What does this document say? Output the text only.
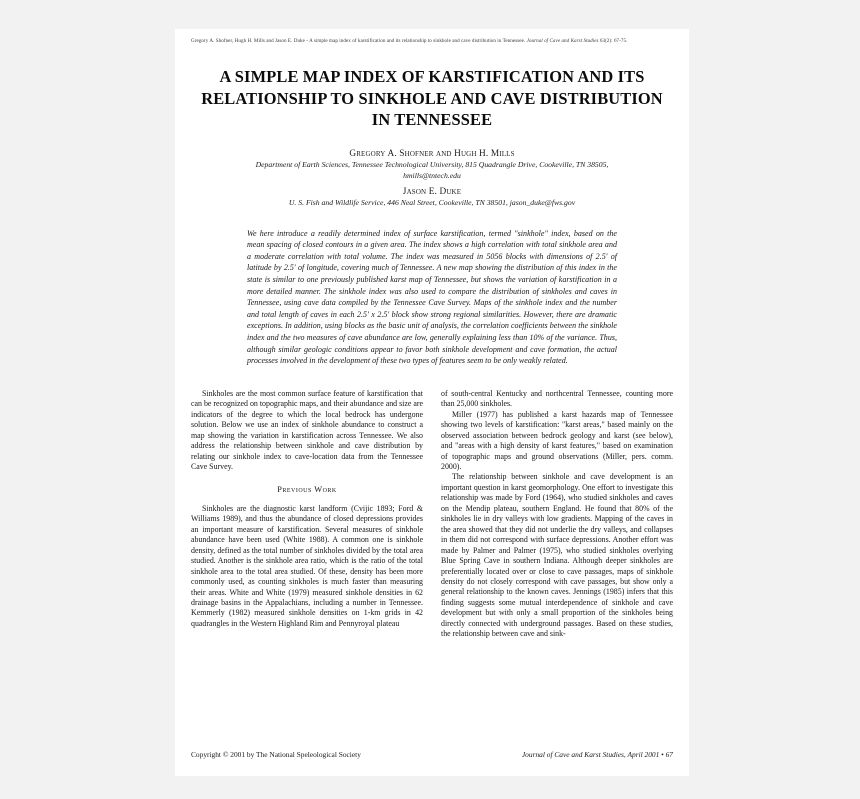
Gregory A. Shofner, Hugh H. Mills and Jason E. Duke - A simple map index of karstification and its relationship to sinkhole and cave distribution in Tennessee. Journal of Cave and Karst Studies 63(2): 67-75.
A SIMPLE MAP INDEX OF KARSTIFICATION AND ITS RELATIONSHIP TO SINKHOLE AND CAVE DISTRIBUTION IN TENNESSEE
Gregory A. Shofner and Hugh H. Mills
Department of Earth Sciences, Tennessee Technological University, 815 Quadrangle Drive, Cookeville, TN 38505,
hmills@tntech.edu
Jason E. Duke
U. S. Fish and Wildlife Service, 446 Neal Street, Cookeville, TN 38501, jason_duke@fws.gov
We here introduce a readily determined index of surface karstification, termed "sinkhole" index, based on the mean spacing of closed contours in a given area. The index shows a high correlation with total sinkhole area and a moderate correlation with total volume. The index was measured in 5056 blocks with dimensions of 2.5' of latitude by 2.5' of longitude, covering much of Tennessee. A new map showing the distribution of this index in the state is similar to one previously published karst map of Tennessee, but shows the variation of karstification in a more detailed manner. The sinkhole index was also used to compare the distribution of sinkholes and caves in Tennessee, using cave data compiled by the Tennessee Cave Survey. Maps of the sinkhole index and the number and total length of caves in each 2.5' x 2.5' block show strong regional similarities. However, there are dramatic exceptions. In addition, using blocks as the basic unit of analysis, the correlation coefficients between the sinkhole index and the two measures of cave abundance are low, generally explaining less than 10% of the variance. Thus, although similar geologic conditions appear to favor both sinkhole development and cave formation, the actual processes involved in the development of these two types of features seem to be only weakly related.

Sinkholes are the most common surface feature of karstification that can be recognized on topographic maps, and their abundance and size are indicators of the degree to which the local bedrock has undergone solution. Below we use an index of sinkhole abundance to construct a map showing the variation in karstification across Tennessee. We also address the relationship between sinkhole and cave distribution by relating our sinkhole index to cave-location data from the Tennessee Cave Survey.

Previous Work

Sinkholes are the diagnostic karst landform (Cvijic 1893; Ford & Williams 1989), and thus the abundance of closed depressions provides an important measure of karstification. Several measures of sinkhole abundance have been used (White 1988). A common one is sinkhole density, defined as the total number of sinkholes divided by the total area studied. Another is the sinkhole area ratio, which is the ratio of the total sinkhole area to the total area studied. Of these, density has been more commonly used, as counting sinkholes is much faster than measuring their areas. White and White (1979) measured sinkhole densities in 62 drainage basins in the Appalachians, including a number in Tennessee. Kemmerly (1982) measured sinkhole densities on 1-km grids in 42 quadrangles in the Western Highland Rim and Pennyroyal plateau

of south-central Kentucky and northcentral Tennessee, counting more than 25,000 sinkholes.

Miller (1977) has published a karst hazards map of Tennessee showing two levels of karstification: "karst areas," based mainly on the observed association between bedrock geology and karst (see below), and "areas with a high density of karst features," based on examination of topographic maps and ground observations (Miller, pers. comm. 2000).

The relationship between sinkhole and cave development is an important question in karst geomorphology. One effort to investigate this relationship was made by Ford (1964), who studied sinkholes and caves on the Mendip plateau, southern England. He found that 80% of the sinkholes lie in dry valleys with low gradients. Mapping of the caves in the area showed that they did not underlie the dry valleys, and collapses in them did not correspond with surface depressions. Another effort was made by Palmer and Palmer (1975), who studied sinkholes overlying Blue Spring Cave in southern Indiana. Although deeper sinkholes are preferentially located over or close to cave passages, maps of sinkhole density do not closely correspond with cave passages, but show only a general relationship to the known caves. Jennings (1985) infers that this finding suggests some mutual interdependence of sinkhole and cave development but with only a small proportion of the sinkholes being directly connected with underground passages. Based on these studies, the relationship between cave and sink-

Copyright © 2001 by The National Speleological Society	Journal of Cave and Karst Studies, April 2001 • 67
